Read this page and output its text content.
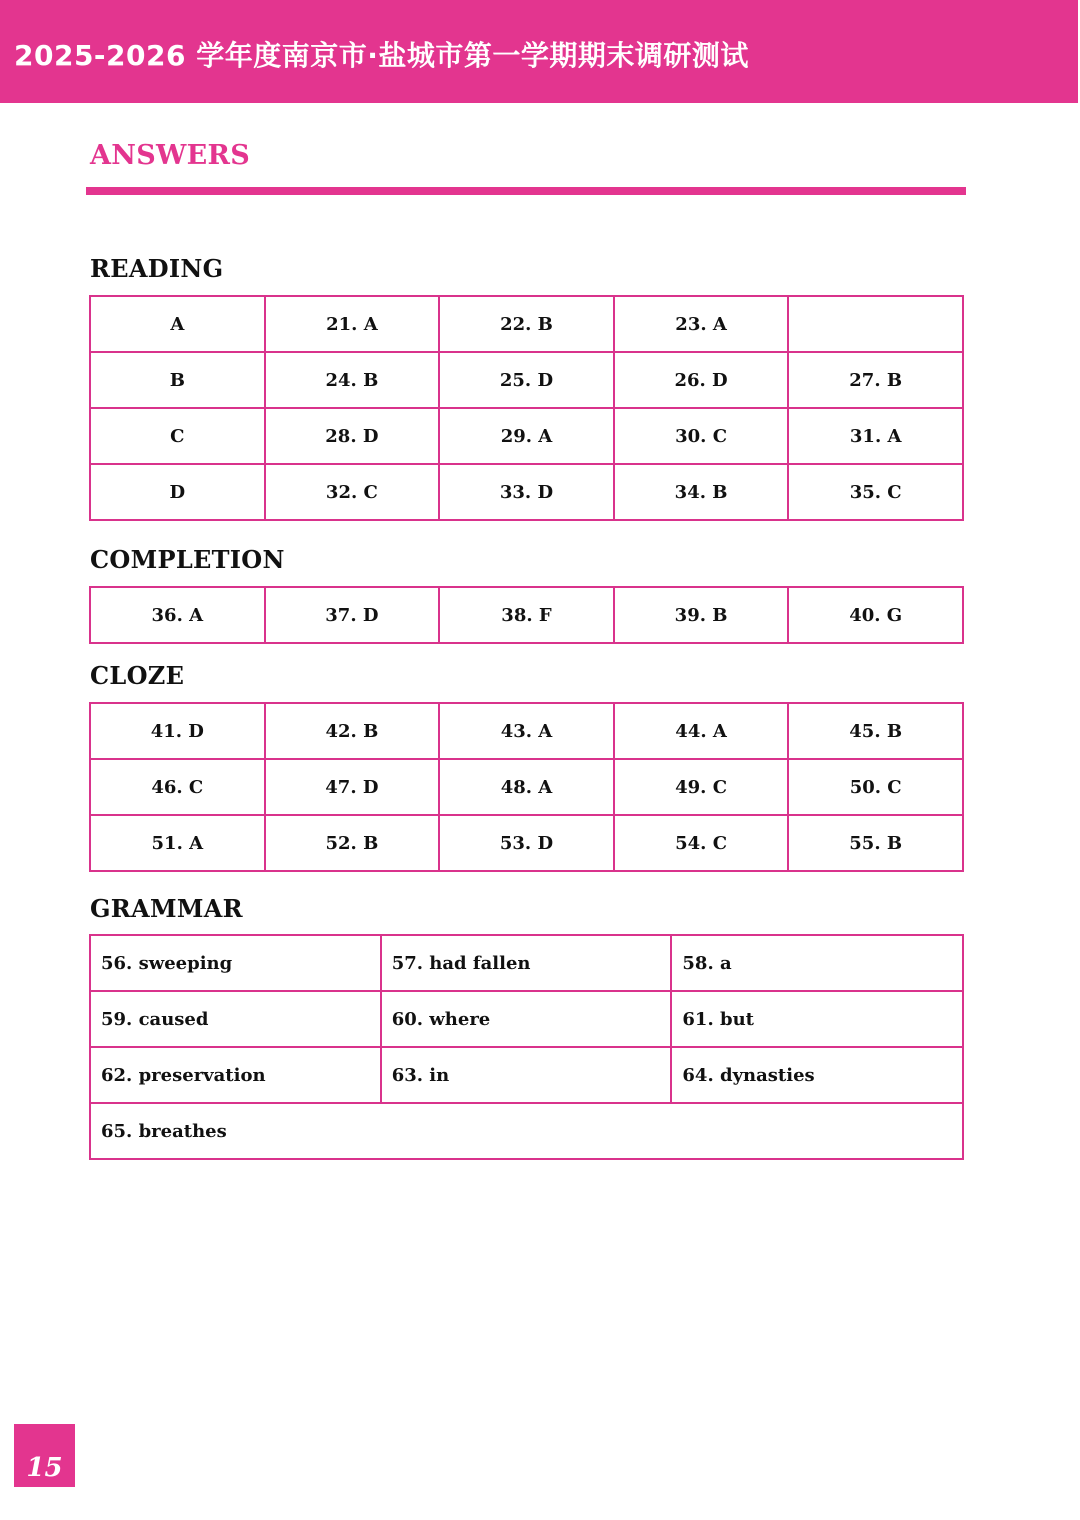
2025-2026 学年度南京市·盐城市第一学期期末调研测试
ANSWERS
READING
A	21. A	22. B	23. A	
B	24. B	25. D	26. D	27. B
C	28. D	29. A	30. C	31. A
D	32. C	33. D	34. B	35. C
COMPLETION
36. A	37. D	38. F	39. B	40. G
CLOZE
41. D	42. B	43. A	44. A	45. B
46. C	47. D	48. A	49. C	50. C
51. A	52. B	53. D	54. C	55. B
GRAMMAR
56. sweeping	57. had fallen	58. a
59. caused	60. where	61. but
62. preservation	63. in	64. dynasties
65. breathes		
15
